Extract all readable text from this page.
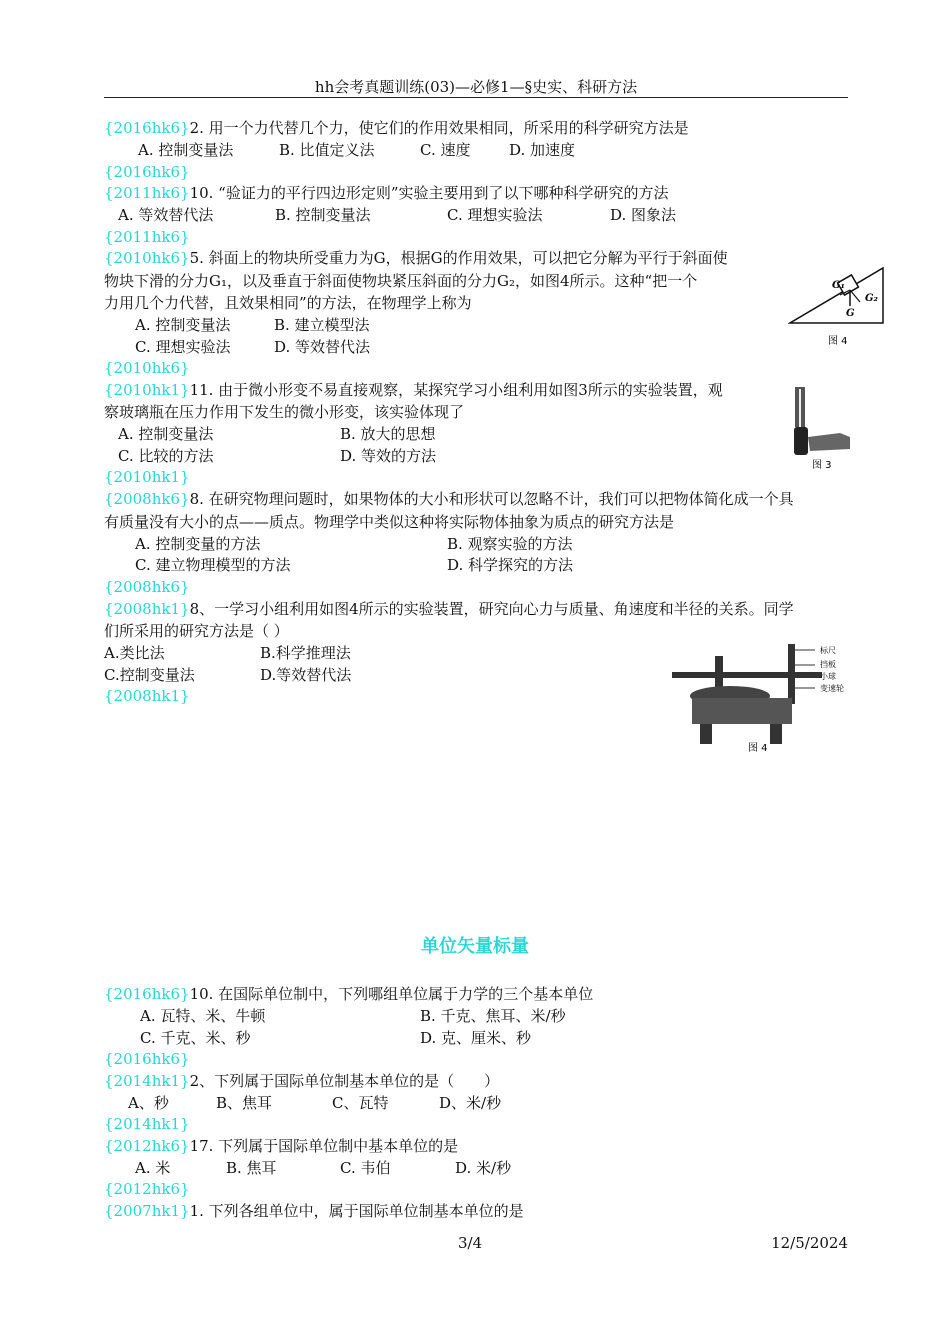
hh会考真题训练(03)—必修1—§史实、科研方法
{2016hk6}2. 用一个力代替几个力，使它们的作用效果相同，所采用的科学研究方法是
A. 控制变量法	B. 比值定义法	C. 速度	D. 加速度
{2016hk6}
{2011hk6}10. “验证力的平行四边形定则”实验主要用到了以下哪种科学研究的方法
A. 等效替代法	B. 控制变量法	C. 理想实验法	D. 图象法
{2011hk6}
{2010hk6}5. 斜面上的物块所受重力为G，根据G的作用效果，可以把它分解为平行于斜面使
物块下滑的分力G₁，以及垂直于斜面使物块紧压斜面的分力G₂，如图4所示。这种“把一个
力用几个力代替，且效果相同”的方法，在物理学上称为
A. 控制变量法	B. 建立模型法
C. 理想实验法	D. 等效替代法
{2010hk6}
G₁
G₂
G
图 4
{2010hk1}11. 由于微小形变不易直接观察，某探究学习小组利用如图3所示的实验装置，观
察玻璃瓶在压力作用下发生的微小形变，该实验体现了
A. 控制变量法	B. 放大的思想
C. 比较的方法	D. 等效的方法
{2010hk1}
图 3
{2008hk6}8. 在研究物理问题时，如果物体的大小和形状可以忽略不计，我们可以把物体简化成一个具
有质量没有大小的点——质点。物理学中类似这种将实际物体抽象为质点的研究方法是
A. 控制变量的方法	B. 观察实验的方法
C. 建立物理模型的方法	D. 科学探究的方法
{2008hk6}
{2008hk1}8、一学习小组利用如图4所示的实验装置，研究向心力与质量、角速度和半径的关系。同学
们所采用的研究方法是（ ）
A.类比法	B.科学推理法
C.控制变量法	D.等效替代法
{2008hk1}
标尺
挡板
小球
变速轮
图 4
单位矢量标量
{2016hk6}10. 在国际单位制中，下列哪组单位属于力学的三个基本单位
A. 瓦特、米、牛顿	B. 千克、焦耳、米/秒
C. 千克、米、秒	D. 克、厘米、秒
{2016hk6}
{2014hk1}2、下列属于国际单位制基本单位的是（　　）
A、秒	B、焦耳	C、瓦特	D、米/秒
{2014hk1}
{2012hk6}17. 下列属于国际单位制中基本单位的是
A. 米	B. 焦耳	C. 韦伯	D. 米/秒
{2012hk6}
{2007hk1}1. 下列各组单位中，属于国际单位制基本单位的是
3/4	12/5/2024
